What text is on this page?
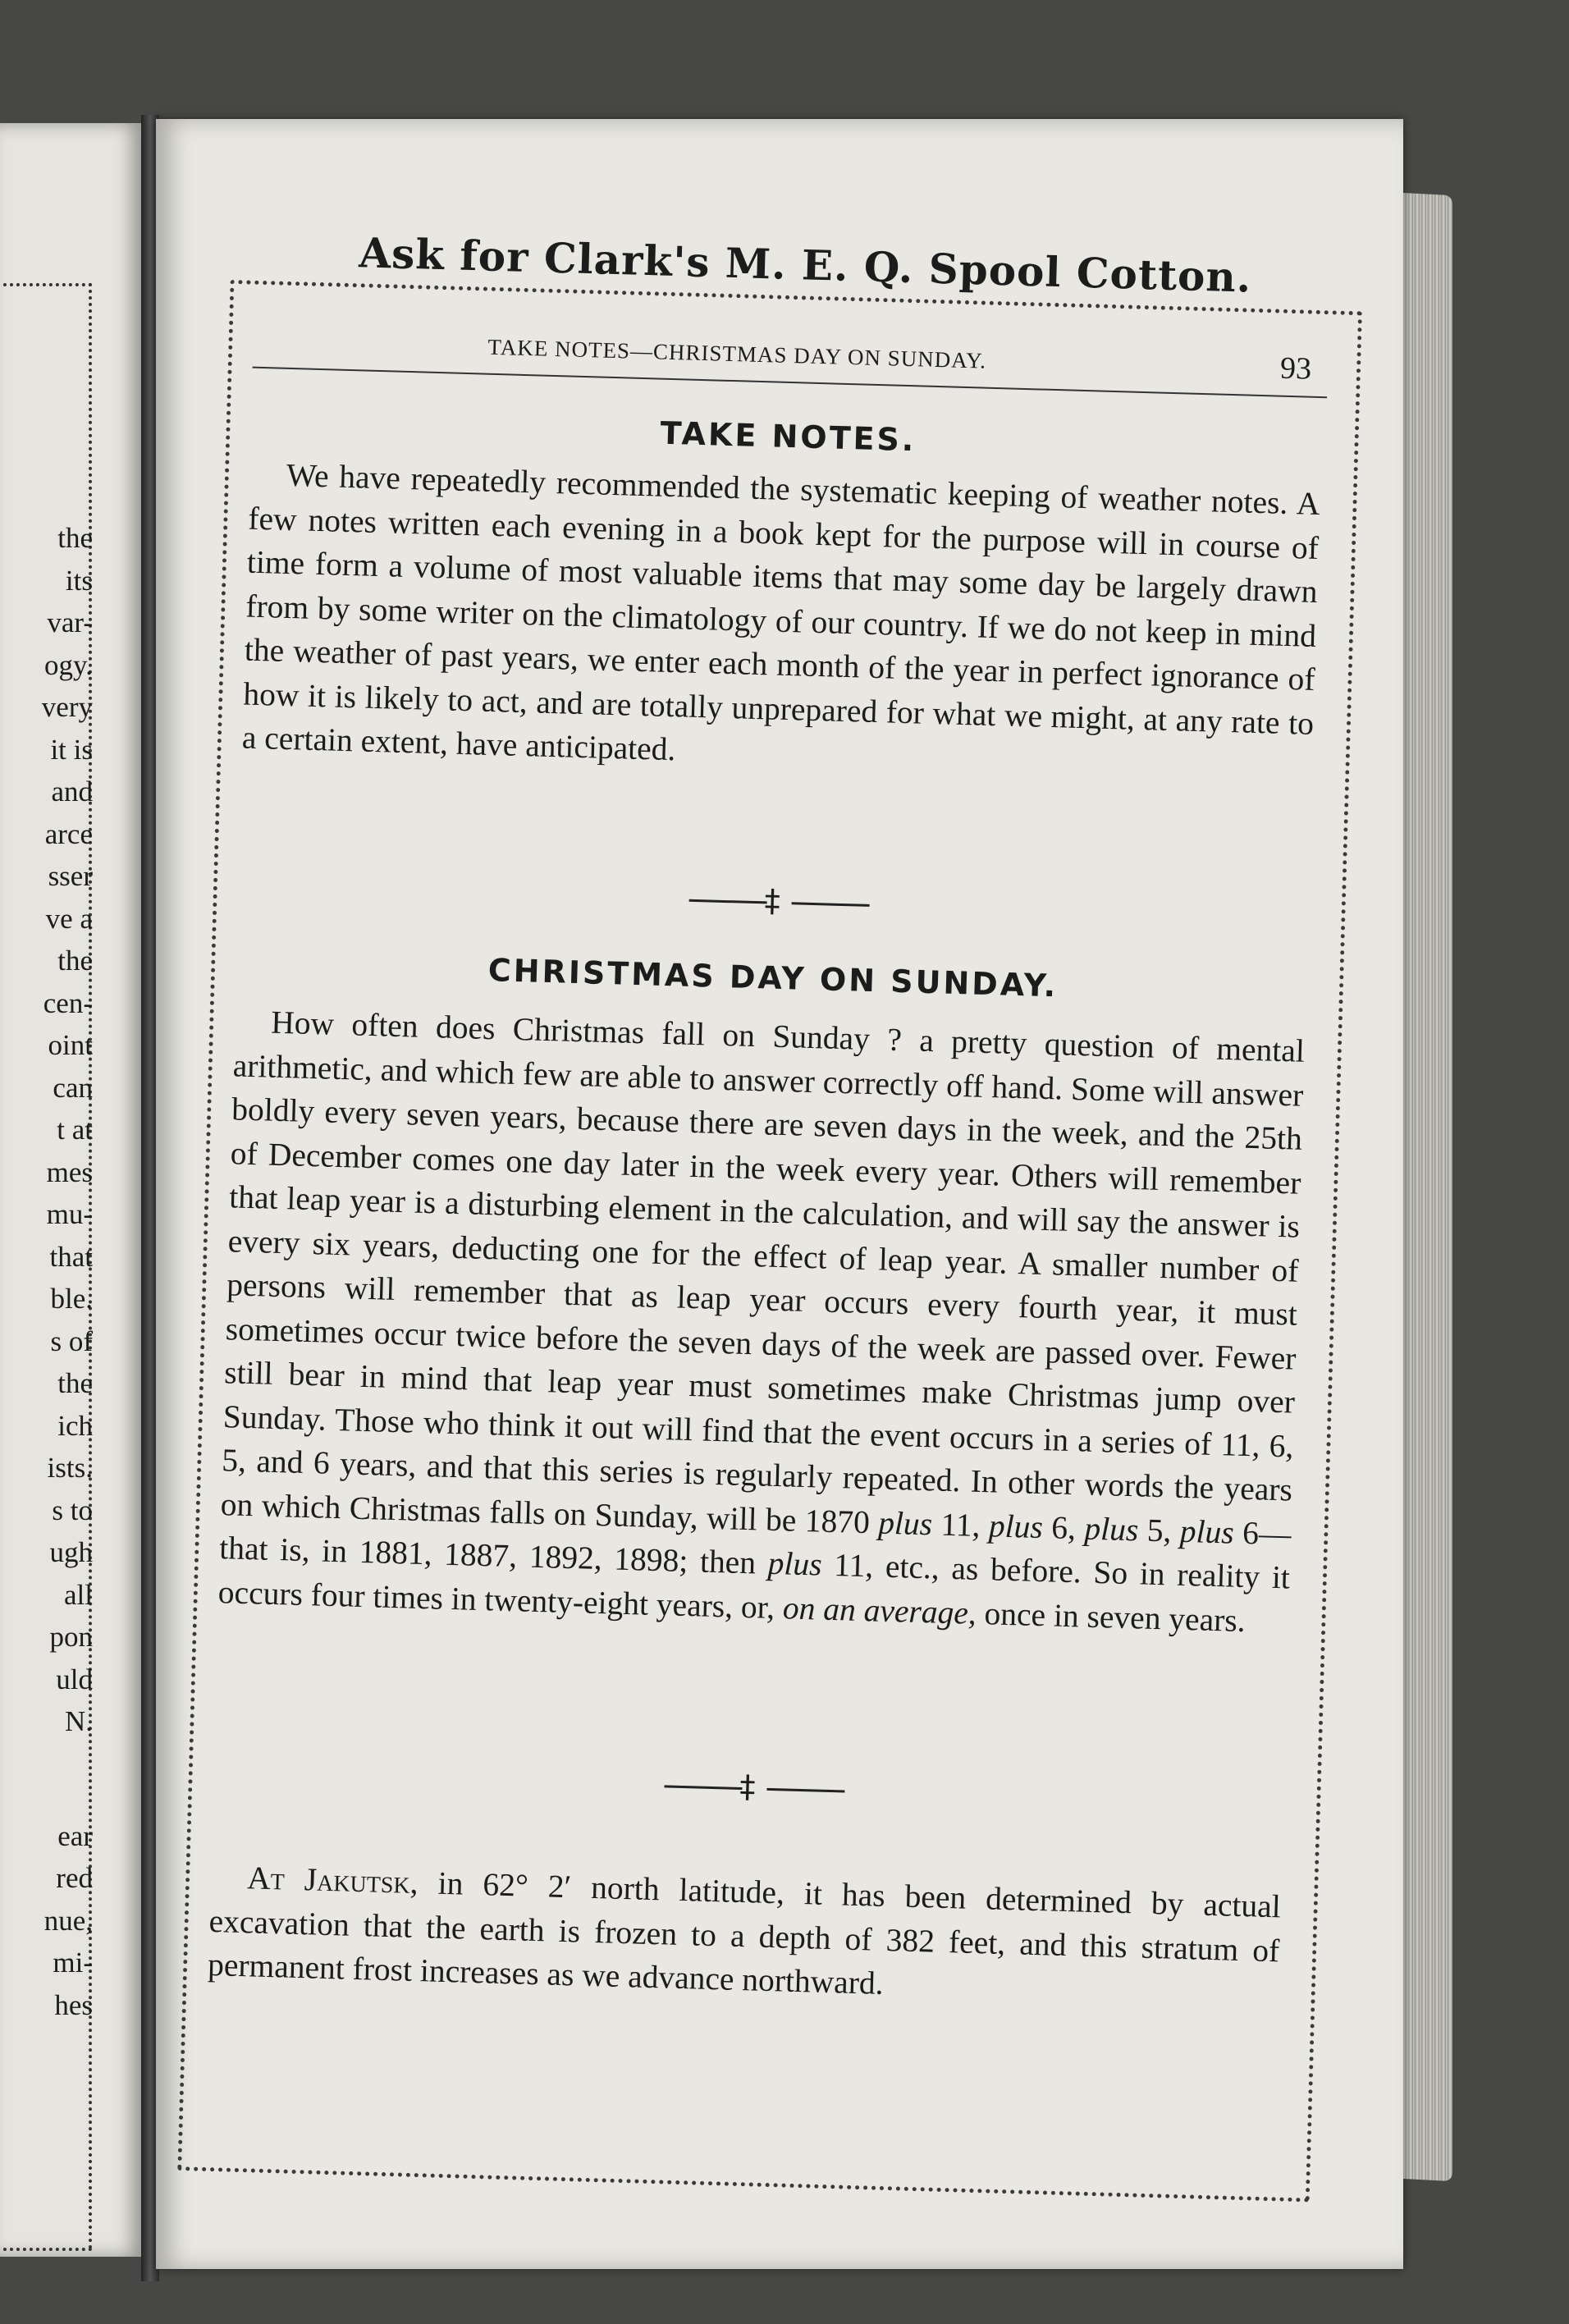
the
its
var-
ogy.
very
it is
and
arce
sser
ve a
the
cen-
oint
can
t at
mes
mu-
that
ble.
s of
the
ich
ists.
s to
ugh
all
pon
uld
N.
ear
red
nue,
mi-
hes
Ask for Clark's M. E. Q. Spool Cotton.
TAKE NOTES—CHRISTMAS DAY ON SUNDAY.	93
TAKE NOTES.

We have repeatedly recommended the systematic keeping of weather notes. A few notes written each evening in a book kept for the purpose will in course of time form a volume of most valuable items that may some day be largely drawn from by some writer on the climatology of our country. If we do not keep in mind the weather of past years, we enter each month of the year in perfect ignorance of how it is likely to act, and are totally unprepared for what we might, at any rate to a certain extent, have anticipated.

‡
CHRISTMAS DAY ON SUNDAY.

How often does Christmas fall on Sunday ? a pretty question of mental arithmetic, and which few are able to answer correctly off hand. Some will answer boldly every seven years, because there are seven days in the week, and the 25th of December comes one day later in the week every year. Others will remember that leap year is a disturbing element in the calculation, and will say the answer is every six years, deducting one for the effect of leap year. A smaller number of persons will remember that as leap year occurs every fourth year, it must sometimes occur twice before the seven days of the week are passed over. Fewer still bear in mind that leap year must sometimes make Christmas jump over Sunday. Those who think it out will find that the event occurs in a series of 11, 6, 5, and 6 years, and that this series is regularly repeated. In other words the years on which Christmas falls on Sunday, will be 1870 plus 11, plus 6, plus 5, plus 6— that is, in 1881, 1887, 1892, 1898; then plus 11, etc., as before. So in reality it occurs four times in twenty-eight years, or, on an average, once in seven years.

‡

At Jakutsk, in 62° 2′ north latitude, it has been determined by actual excavation that the earth is frozen to a depth of 382 feet, and this stratum of permanent frost increases as we advance northward.
